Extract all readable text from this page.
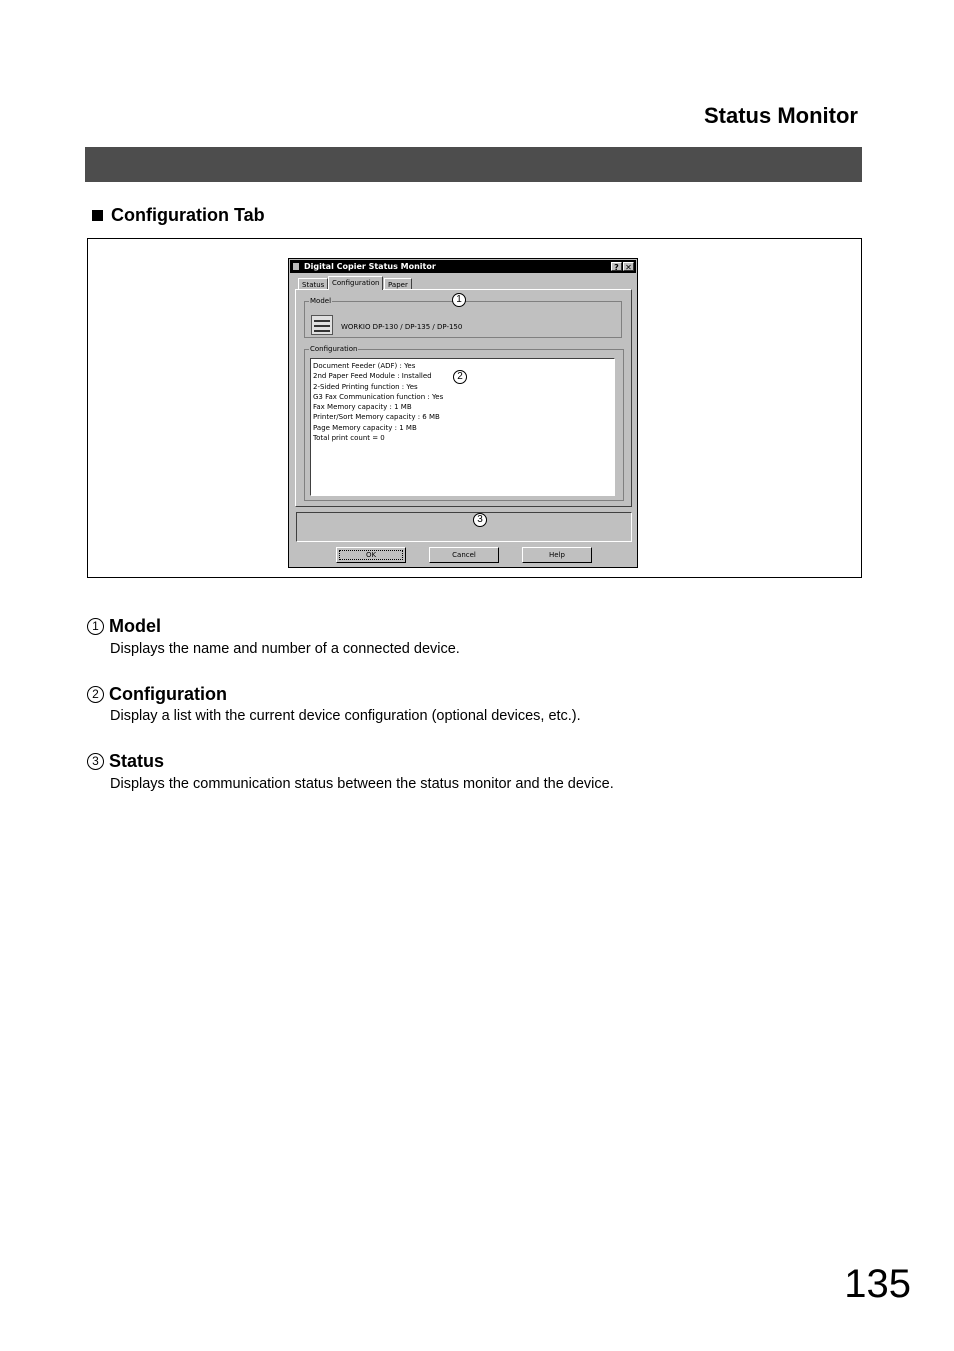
Status Monitor
Configuration Tab
Digital Copier Status Monitor	? ✕
Status	Configuration	Paper
Model
WORKIO DP-130 / DP-135 / DP-150
Configuration
Document Feeder (ADF) : Yes
2nd Paper Feed Module : Installed
2-Sided Printing function : Yes
G3 Fax Communication function : Yes
Fax Memory capacity : 1 MB
Printer/Sort Memory capacity : 6 MB
Page Memory capacity : 1 MB
Total print count = 0
OK	Cancel	Help
1
2
3
1 Model
Displays the name and number of a connected device.
2 Configuration
Display a list with the current device configuration (optional devices, etc.).
3 Status
Displays the communication status between the status monitor and the device.
135
